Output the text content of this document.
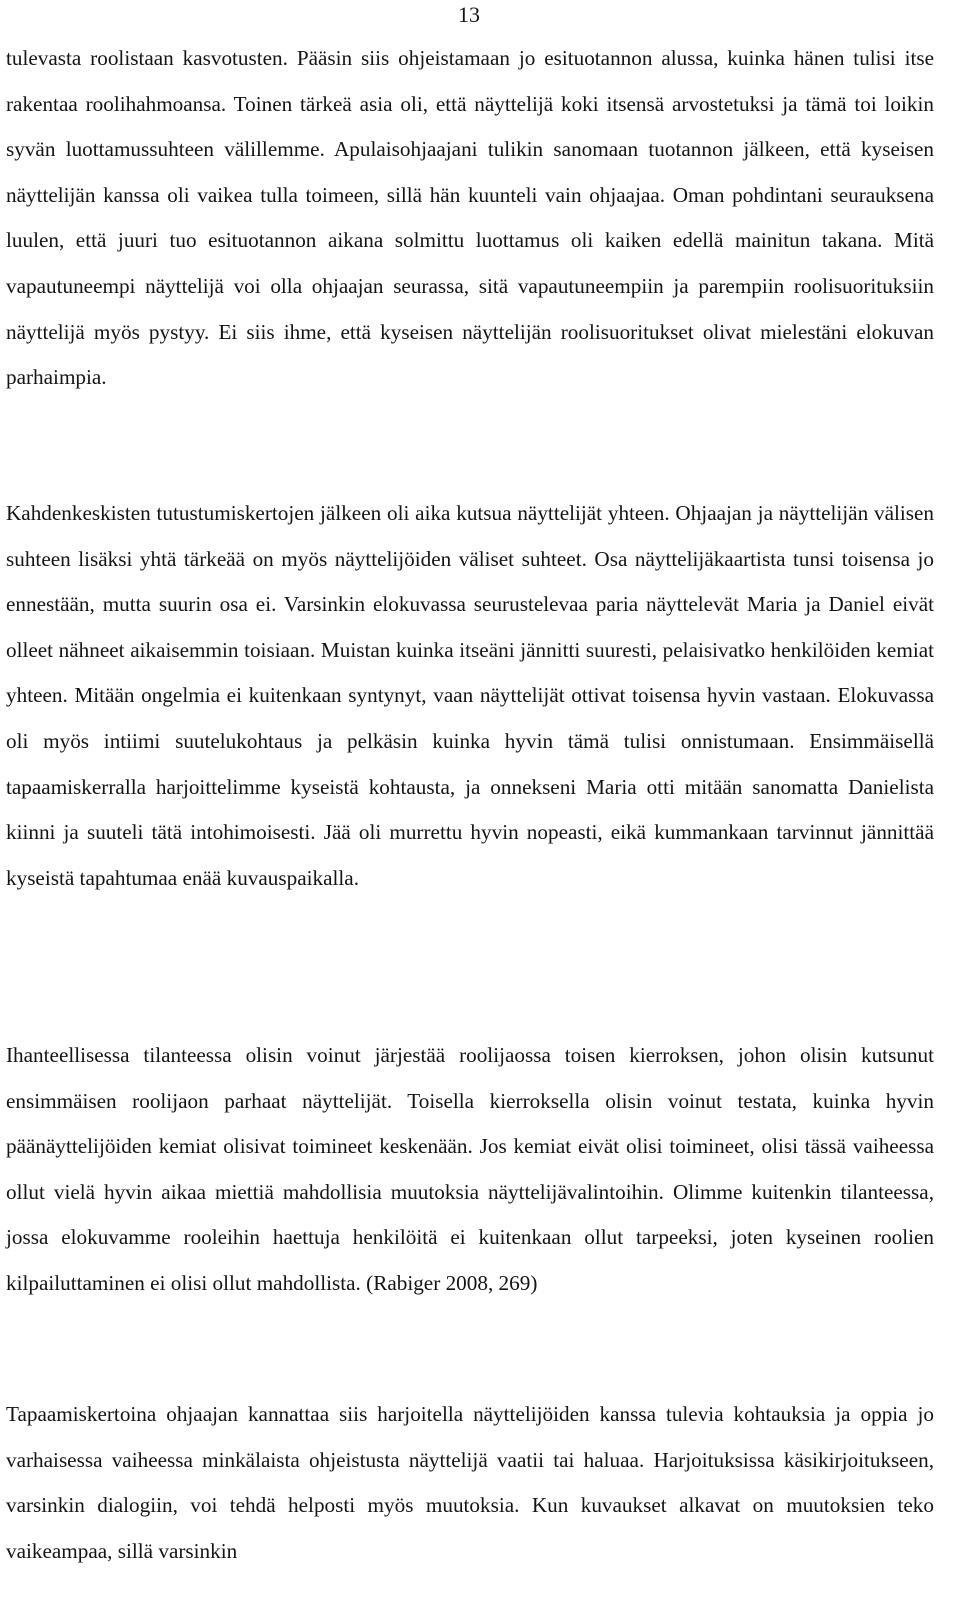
13

tulevasta roolistaan kasvotusten. Pääsin siis ohjeistamaan jo esituotannon alussa, kuinka hänen tulisi itse rakentaa roolihahmoansa. Toinen tärkeä asia oli, että näyttelijä koki itsensä arvostetuksi ja tämä toi loikin syvän luottamussuhteen välillemme. Apulaisohjaajani tulikin sanomaan tuotannon jälkeen, että kyseisen näyttelijän kanssa oli vaikea tulla toimeen, sillä hän kuunteli vain ohjaajaa. Oman pohdintani seurauksena luulen, että juuri tuo esituotannon aikana solmittu luottamus oli kaiken edellä mainitun takana. Mitä vapautuneempi näyttelijä voi olla ohjaajan seurassa, sitä vapautuneempiin ja parempiin roolisuorituksiin näyttelijä myös pystyy. Ei siis ihme, että kyseisen näyttelijän roolisuoritukset olivat mielestäni elokuvan parhaimpia.

Kahdenkeskisten tutustumiskertojen jälkeen oli aika kutsua näyttelijät yhteen. Ohjaajan ja näyttelijän välisen suhteen lisäksi yhtä tärkeää on myös näyttelijöiden väliset suhteet. Osa näyttelijäkaartista tunsi toisensa jo ennestään, mutta suurin osa ei. Varsinkin elokuvassa seurustelevaa paria näyttelevät Maria ja Daniel eivät olleet nähneet aikaisemmin toisiaan. Muistan kuinka itseäni jännitti suuresti, pelaisivatko henkilöiden kemiat yhteen. Mitään ongelmia ei kuitenkaan syntynyt, vaan näyttelijät ottivat toisensa hyvin vastaan. Elokuvassa oli myös intiimi suutelukohtaus ja pelkäsin kuinka hyvin tämä tulisi onnistumaan. Ensimmäisellä tapaamiskerralla harjoittelimme kyseistä kohtausta, ja onnekseni Maria otti mitään sanomatta Danielista kiinni ja suuteli tätä intohimoisesti. Jää oli murrettu hyvin nopeasti, eikä kummankaan tarvinnut jännittää kyseistä tapahtumaa enää kuvauspaikalla.

Ihanteellisessa tilanteessa olisin voinut järjestää roolijaossa toisen kierroksen, johon olisin kutsunut ensimmäisen roolijaon parhaat näyttelijät. Toisella kierroksella olisin voinut testata, kuinka hyvin päänäyttelijöiden kemiat olisivat toimineet keskenään. Jos kemiat eivät olisi toimineet, olisi tässä vaiheessa ollut vielä hyvin aikaa miettiä mahdollisia muutoksia näyttelijävalintoihin. Olimme kuitenkin tilanteessa, jossa elokuvamme rooleihin haettuja henkilöitä ei kuitenkaan ollut tarpeeksi, joten kyseinen roolien kilpailuttaminen ei olisi ollut mahdollista. (Rabiger 2008, 269)

Tapaamiskertoina ohjaajan kannattaa siis harjoitella näyttelijöiden kanssa tulevia kohtauksia ja oppia jo varhaisessa vaiheessa minkälaista ohjeistusta näyttelijä vaatii tai haluaa. Harjoituksissa käsikirjoitukseen, varsinkin dialogiin, voi tehdä helposti myös muutoksia. Kun kuvaukset alkavat on muutoksien teko vaikeampaa, sillä varsinkin
